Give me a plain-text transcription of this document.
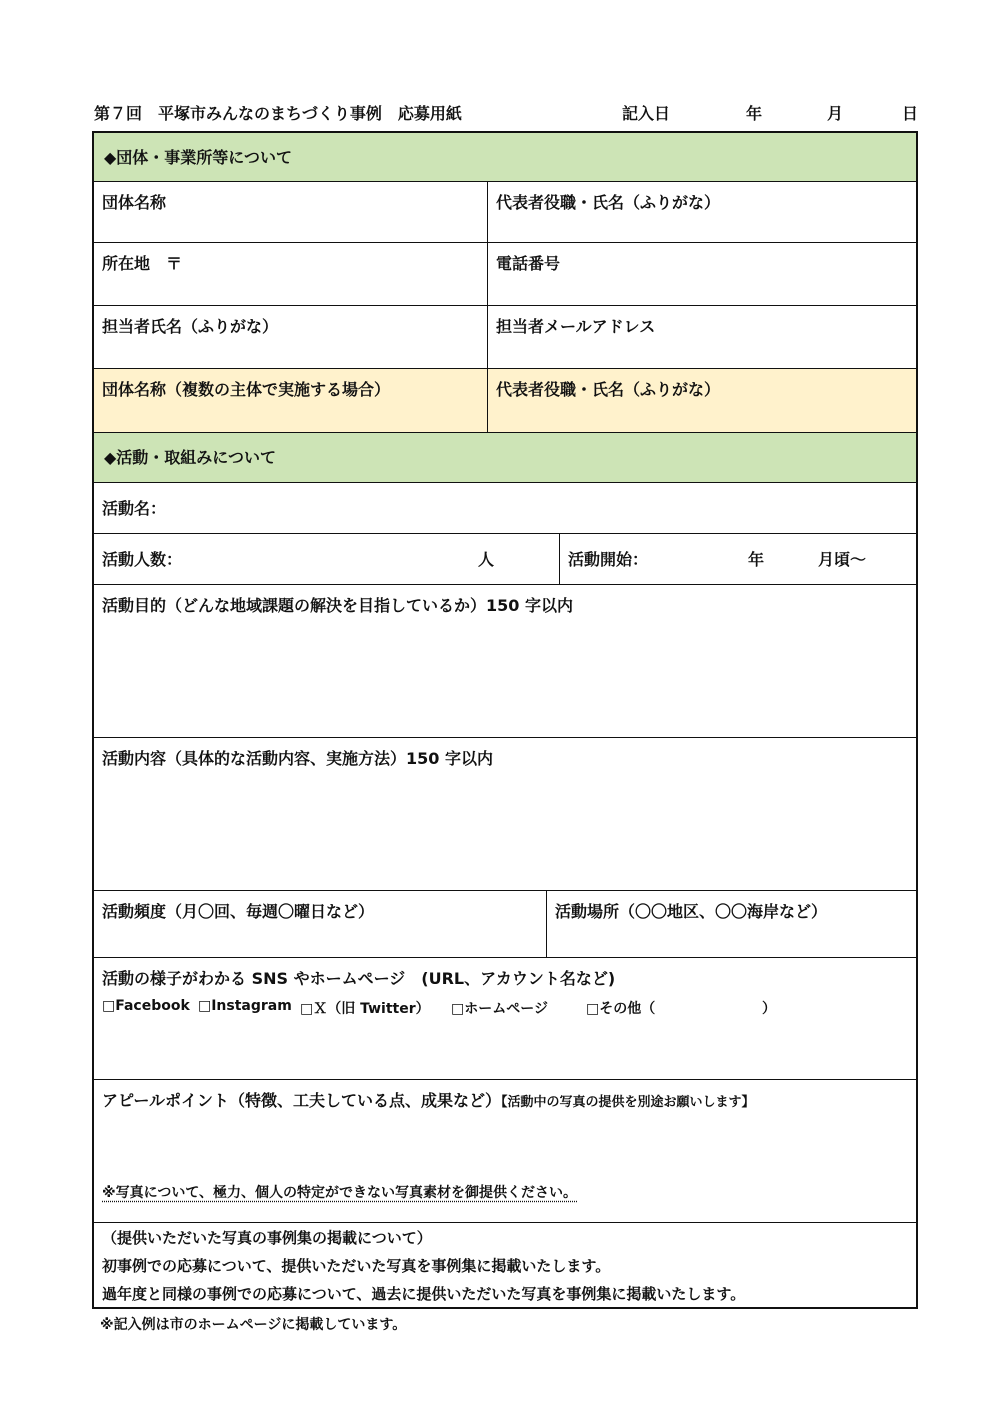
第７回　平塚市みんなのまちづくり事例　応募用紙	記入日	年	月	日
◆団体・事業所等について
団体名称	代表者役職・氏名（ふりがな）
所在地　〒	電話番号
担当者氏名（ふりがな）	担当者メールアドレス
団体名称（複数の主体で実施する場合）	代表者役職・氏名（ふりがな）
◆活動・取組みについて
活動名：
活動人数：	人	活動開始：	年	月頃～
活動目的（どんな地域課題の解決を目指しているか）150 字以内
活動内容（具体的な活動内容、実施方法）150 字以内
活動頻度（月〇回、毎週〇曜日など）	活動場所（〇〇地区、〇〇海岸など）
活動の様子がわかる SNS やホームページ　(URL、アカウント名など)
□Facebook □Instagram □Ｘ（旧 Twitter） □ホームページ	□その他（	）
アピールポイント（特徴、工夫している点、成果など）【活動中の写真の提供を別途お願いします】
※写真について、極力、個人の特定ができない写真素材を御提供ください。
（提供いただいた写真の事例集の掲載について）
初事例での応募について、提供いただいた写真を事例集に掲載いたします。
過年度と同様の事例での応募について、過去に提供いただいた写真を事例集に掲載いたします。
※記入例は市のホームページに掲載しています。
